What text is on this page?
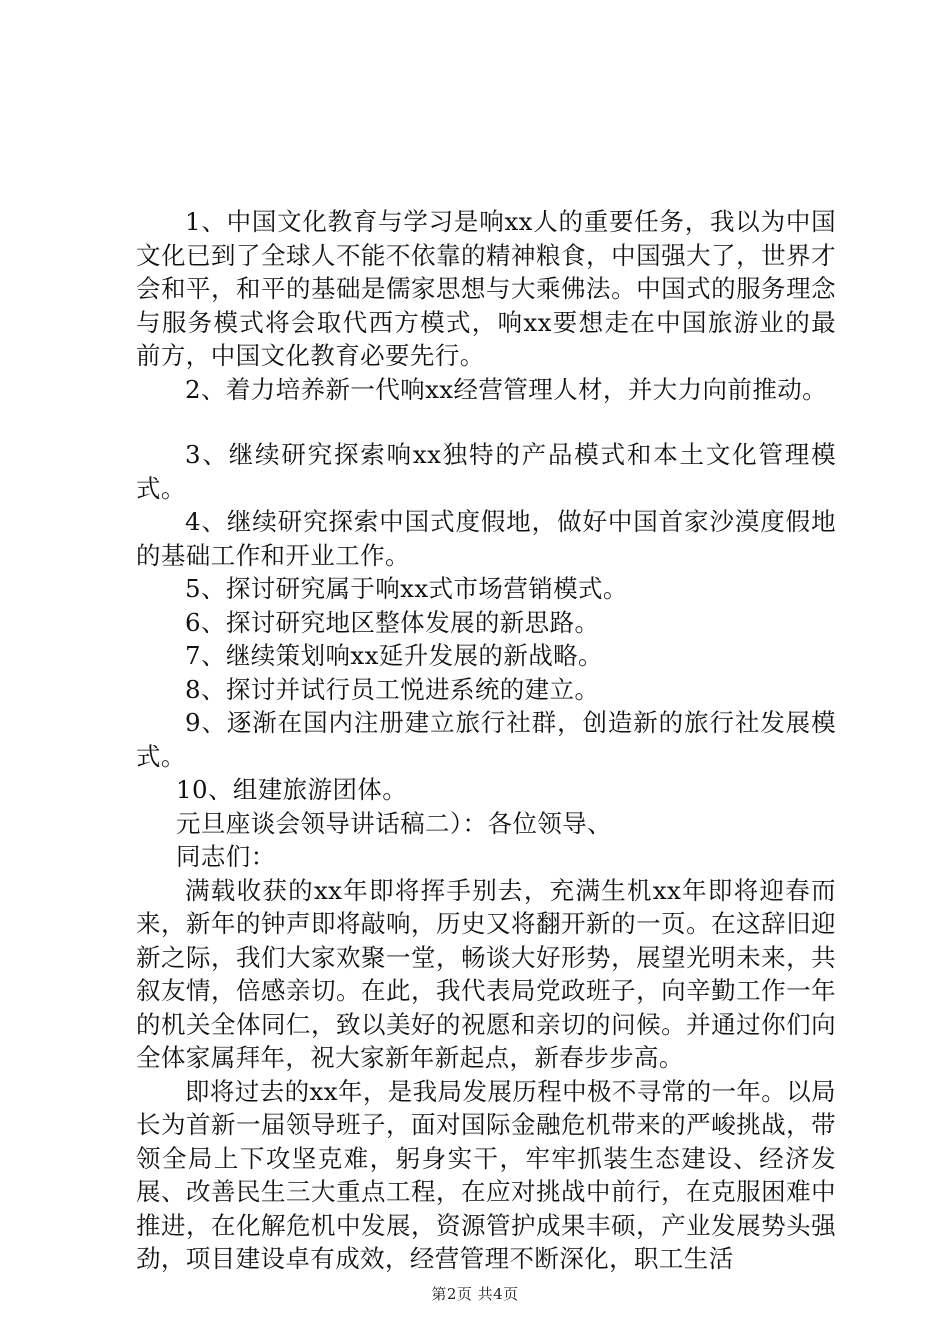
1、中国文化教育与学习是响xx人的重要任务，我以为中国文化已到了全球人不能不依靠的精神粮食，中国强大了，世界才会和平，和平的基础是儒家思想与大乘佛法。中国式的服务理念与服务模式将会取代西方模式，响xx要想走在中国旅游业的最前方，中国文化教育必要先行。

2、着力培养新一代响xx经营管理人材，并大力向前推动。

3、继续研究探索响xx独特的产品模式和本土文化管理模式。

4、继续研究探索中国式度假地，做好中国首家沙漠度假地的基础工作和开业工作。

5、探讨研究属于响xx式市场营销模式。

6、探讨研究地区整体发展的新思路。

7、继续策划响xx延升发展的新战略。

8、探讨并试行员工悦进系统的建立。

9、逐渐在国内注册建立旅行社群，创造新的旅行社发展模式。

10、组建旅游团体。

元旦座谈会领导讲话稿二）：各位领导、

同志们：

满载收获的xx年即将挥手别去，充满生机xx年即将迎春而来，新年的钟声即将敲响，历史又将翻开新的一页。在这辞旧迎新之际，我们大家欢聚一堂，畅谈大好形势，展望光明未来，共叙友情，倍感亲切。在此，我代表局党政班子，向辛勤工作一年的机关全体同仁，致以美好的祝愿和亲切的问候。并通过你们向全体家属拜年，祝大家新年新起点，新春步步高。

即将过去的xx年，是我局发展历程中极不寻常的一年。以局长为首新一届领导班子，面对国际金融危机带来的严峻挑战，带领全局上下攻坚克难，躬身实干，牢牢抓装生态建设、经济发展、改善民生三大重点工程，在应对挑战中前行，在克服困难中推进，在化解危机中发展，资源管护成果丰硕，产业发展势头强劲，项目建设卓有成效，经营管理不断深化，职工生活

第2页 共4页
